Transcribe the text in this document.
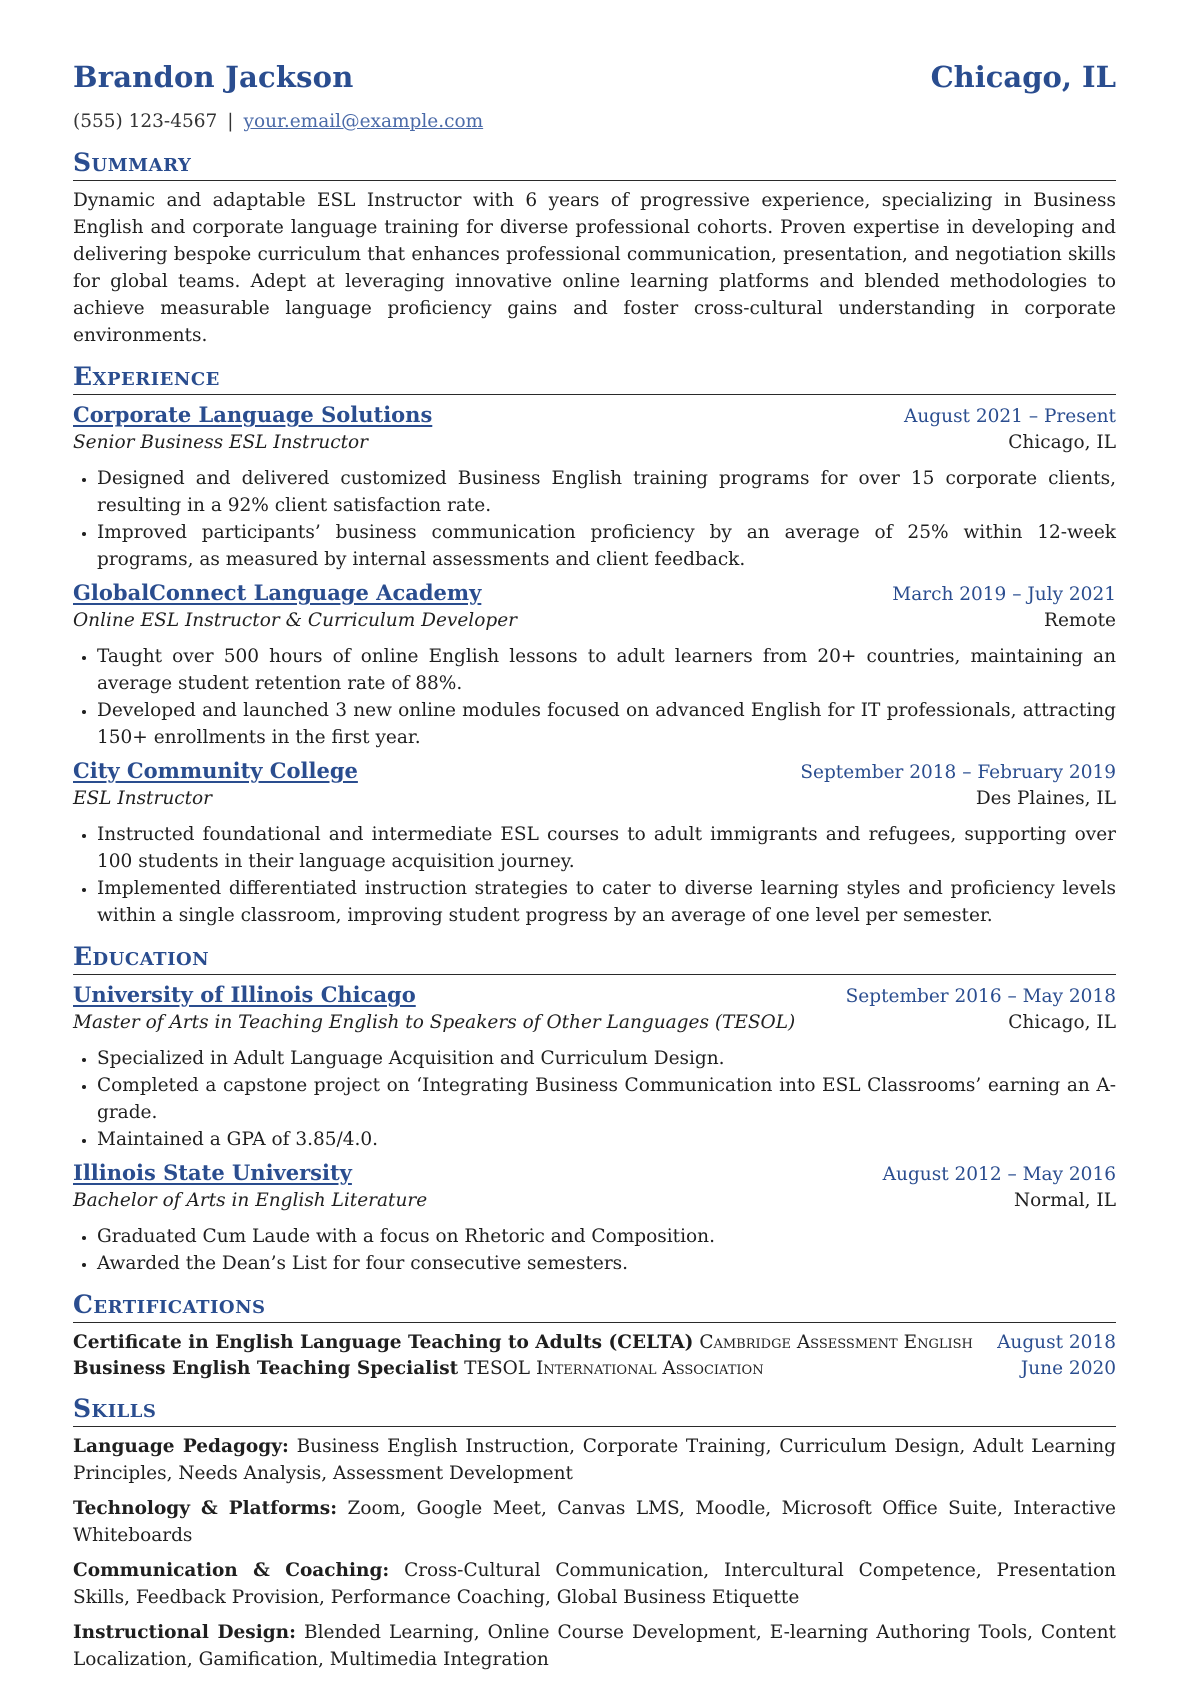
Brandon Jackson	Chicago, IL
(555) 123-4567 | your.email@example.com
Summary
Dynamic and adaptable ESL Instructor with 6 years of progressive experience, specializing in Business English and corporate language training for diverse professional cohorts. Proven expertise in developing and delivering bespoke curriculum that enhances professional communication, presentation, and negotiation skills for global teams. Adept at leveraging innovative online learning platforms and blended methodologies to achieve measurable language proficiency gains and foster cross-cultural understanding in corporate environments.
Experience
Corporate Language Solutions	August 2021 – Present
Senior Business ESL Instructor	Chicago, IL
• Designed and delivered customized Business English training programs for over 15 corporate clients, resulting in a 92% client satisfaction rate.
• Improved participants’ business communication proficiency by an average of 25% within 12-week programs, as measured by internal assessments and client feedback.
GlobalConnect Language Academy	March 2019 – July 2021
Online ESL Instructor & Curriculum Developer	Remote
• Taught over 500 hours of online English lessons to adult learners from 20+ countries, maintaining an average student retention rate of 88%.
• Developed and launched 3 new online modules focused on advanced English for IT professionals, attracting 150+ enrollments in the first year.
City Community College	September 2018 – February 2019
ESL Instructor	Des Plaines, IL
• Instructed foundational and intermediate ESL courses to adult immigrants and refugees, supporting over 100 students in their language acquisition journey.
• Implemented differentiated instruction strategies to cater to diverse learning styles and proficiency levels within a single classroom, improving student progress by an average of one level per semester.
Education
University of Illinois Chicago	September 2016 – May 2018
Master of Arts in Teaching English to Speakers of Other Languages (TESOL)	Chicago, IL
• Specialized in Adult Language Acquisition and Curriculum Design.
• Completed a capstone project on ‘Integrating Business Communication into ESL Classrooms’ earning an A- grade.
• Maintained a GPA of 3.85/4.0.
Illinois State University	August 2012 – May 2016
Bachelor of Arts in English Literature	Normal, IL
• Graduated Cum Laude with a focus on Rhetoric and Composition.
• Awarded the Dean’s List for four consecutive semesters.
Certifications
Certificate in English Language Teaching to Adults (CELTA) Cambridge Assessment English August 2018
Business English Teaching Specialist TESOL International Association	June 2020
Skills
Language Pedagogy: Business English Instruction, Corporate Training, Curriculum Design, Adult Learning Principles, Needs Analysis, Assessment Development
Technology & Platforms: Zoom, Google Meet, Canvas LMS, Moodle, Microsoft Office Suite, Interactive Whiteboards
Communication & Coaching: Cross-Cultural Communication, Intercultural Competence, Presentation Skills, Feedback Provision, Performance Coaching, Global Business Etiquette
Instructional Design: Blended Learning, Online Course Development, E-learning Authoring Tools, Content Localization, Gamification, Multimedia Integration
